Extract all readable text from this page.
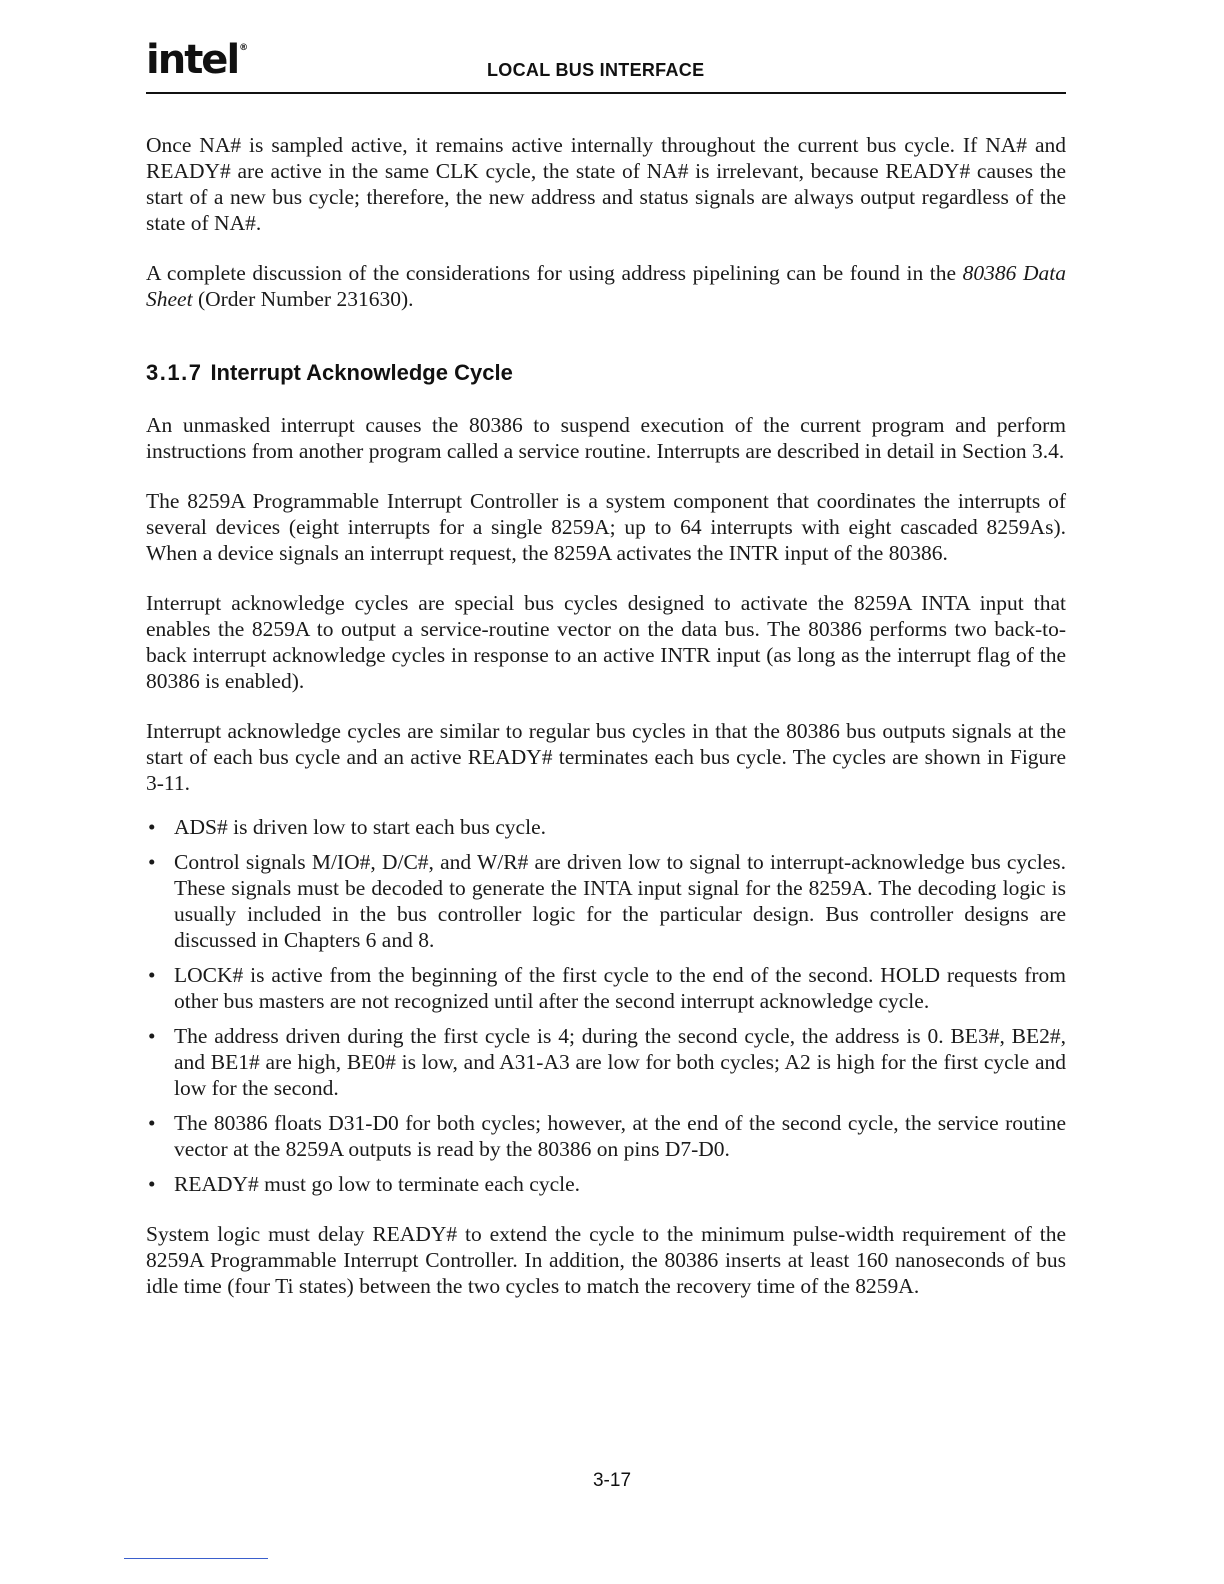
intel®
LOCAL BUS INTERFACE

Once NA# is sampled active, it remains active internally throughout the current bus cycle. If NA# and READY# are active in the same CLK cycle, the state of NA# is irrelevant, because READY# causes the start of a new bus cycle; therefore, the new address and status signals are always output regardless of the state of NA#.

A complete discussion of the considerations for using address pipelining can be found in the 80386 Data Sheet (Order Number 231630).

3.1.7 Interrupt Acknowledge Cycle

An unmasked interrupt causes the 80386 to suspend execution of the current program and perform instructions from another program called a service routine. Interrupts are described in detail in Section 3.4.

The 8259A Programmable Interrupt Controller is a system component that coordinates the interrupts of several devices (eight interrupts for a single 8259A; up to 64 interrupts with eight cascaded 8259As). When a device signals an interrupt request, the 8259A activates the INTR input of the 80386.

Interrupt acknowledge cycles are special bus cycles designed to activate the 8259A INTA input that enables the 8259A to output a service-routine vector on the data bus. The 80386 performs two back-to-back interrupt acknowledge cycles in response to an active INTR input (as long as the interrupt flag of the 80386 is enabled).

Interrupt acknowledge cycles are similar to regular bus cycles in that the 80386 bus outputs signals at the start of each bus cycle and an active READY# terminates each bus cycle. The cycles are shown in Figure 3-11.

• ADS# is driven low to start each bus cycle.
• Control signals M/IO#, D/C#, and W/R# are driven low to signal to interrupt-acknowledge bus cycles. These signals must be decoded to generate the INTA input signal for the 8259A. The decoding logic is usually included in the bus controller logic for the particular design. Bus controller designs are discussed in Chapters 6 and 8.
• LOCK# is active from the beginning of the first cycle to the end of the second. HOLD requests from other bus masters are not recognized until after the second interrupt acknowledge cycle.
• The address driven during the first cycle is 4; during the second cycle, the address is 0. BE3#, BE2#, and BE1# are high, BE0# is low, and A31-A3 are low for both cycles; A2 is high for the first cycle and low for the second.
• The 80386 floats D31-D0 for both cycles; however, at the end of the second cycle, the service routine vector at the 8259A outputs is read by the 80386 on pins D7-D0.
• READY# must go low to terminate each cycle.

System logic must delay READY# to extend the cycle to the minimum pulse-width requirement of the 8259A Programmable Interrupt Controller. In addition, the 80386 inserts at least 160 nanoseconds of bus idle time (four Ti states) between the two cycles to match the recovery time of the 8259A.

3-17
